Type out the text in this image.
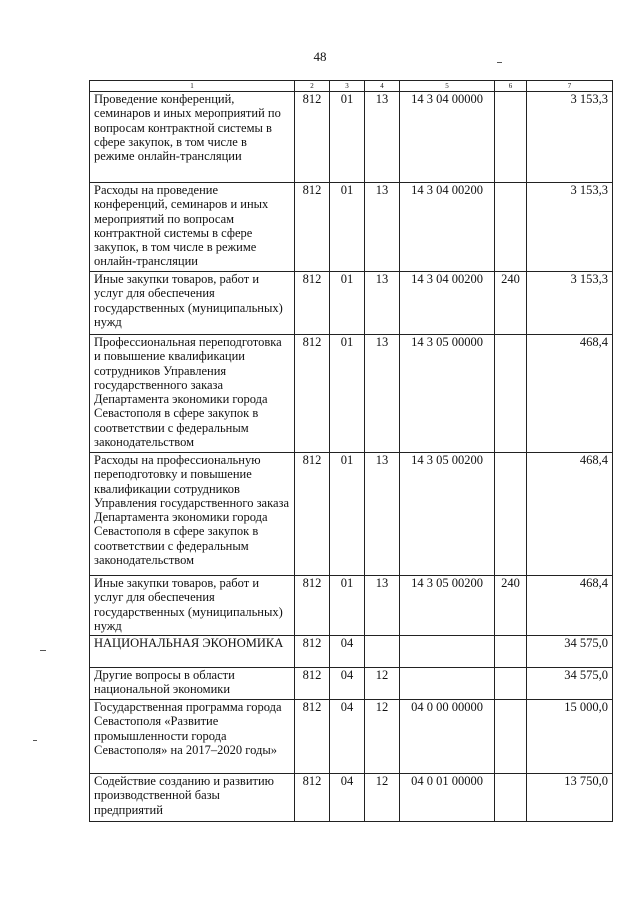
48
1	2	3	4	5	6	7
Проведение конференций, семинаров и иных мероприятий по вопросам контрактной системы в сфере закупок, в том числе в режиме онлайн-трансляции	812	01	13	14 3 04 00000		3 153,3
Расходы на проведение конференций, семинаров и иных мероприятий по вопросам контрактной системы в сфере закупок, в том числе в режиме онлайн-трансляции	812	01	13	14 3 04 00200		3 153,3
Иные закупки товаров, работ и услуг для обеспечения государственных (муниципальных) нужд	812	01	13	14 3 04 00200	240	3 153,3
Профессиональная переподготовка и повышение квалификации сотрудников Управления государственного заказа Департамента экономики города Севастополя в сфере закупок в соответствии с федеральным законодательством	812	01	13	14 3 05 00000		468,4
Расходы на профессиональную переподготовку и повышение квалификации сотрудников Управления государственного заказа Департамента экономики города Севастополя в сфере закупок в соответствии с федеральным законодательством	812	01	13	14 3 05 00200		468,4
Иные закупки товаров, работ и услуг для обеспечения государственных (муниципальных) нужд	812	01	13	14 3 05 00200	240	468,4
НАЦИОНАЛЬНАЯ ЭКОНОМИКА	812	04				34 575,0
Другие вопросы в области национальной экономики	812	04	12			34 575,0
Государственная программа города Севастополя «Развитие промышленности города Севастополя» на 2017–2020 годы»	812	04	12	04 0 00 00000		15 000,0
Содействие созданию и развитию производственной базы предприятий	812	04	12	04 0 01 00000		13 750,0
